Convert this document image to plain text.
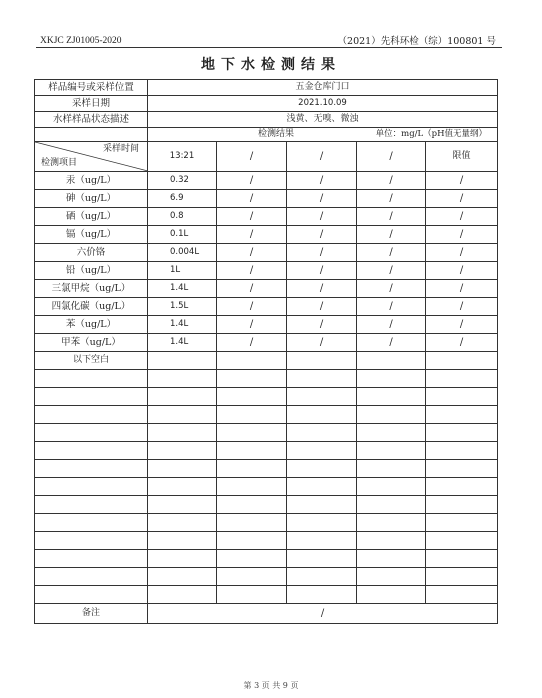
XKJC ZJ01005-2020	（2021）先科环检（综）100801 号
地下水检测结果
样品编号或采样位置	五金仓库门口				
采样日期	2021.10.09				
水样样品状态描述	浅黄、无嗅、微浊				
	检测结果 单位：mg/L（pH值无量纲）				

采样时间
检测项目	13:21	/	/	/	限值
汞（ug/L）	0.32	/	/	/	/
砷（ug/L）	6.9	/	/	/	/
硒（ug/L）	0.8	/	/	/	/
镉（ug/L）	0.1L	/	/	/	/
六价铬	0.004L	/	/	/	/
铅（ug/L）	1L	/	/	/	/
三氯甲烷（ug/L）	1.4L	/	/	/	/
四氯化碳（ug/L）	1.5L	/	/	/	/
苯（ug/L）	1.4L	/	/	/	/
甲苯（ug/L）	1.4L	/	/	/	/
以下空白					

备注	/				
第 3 页 共 9 页
